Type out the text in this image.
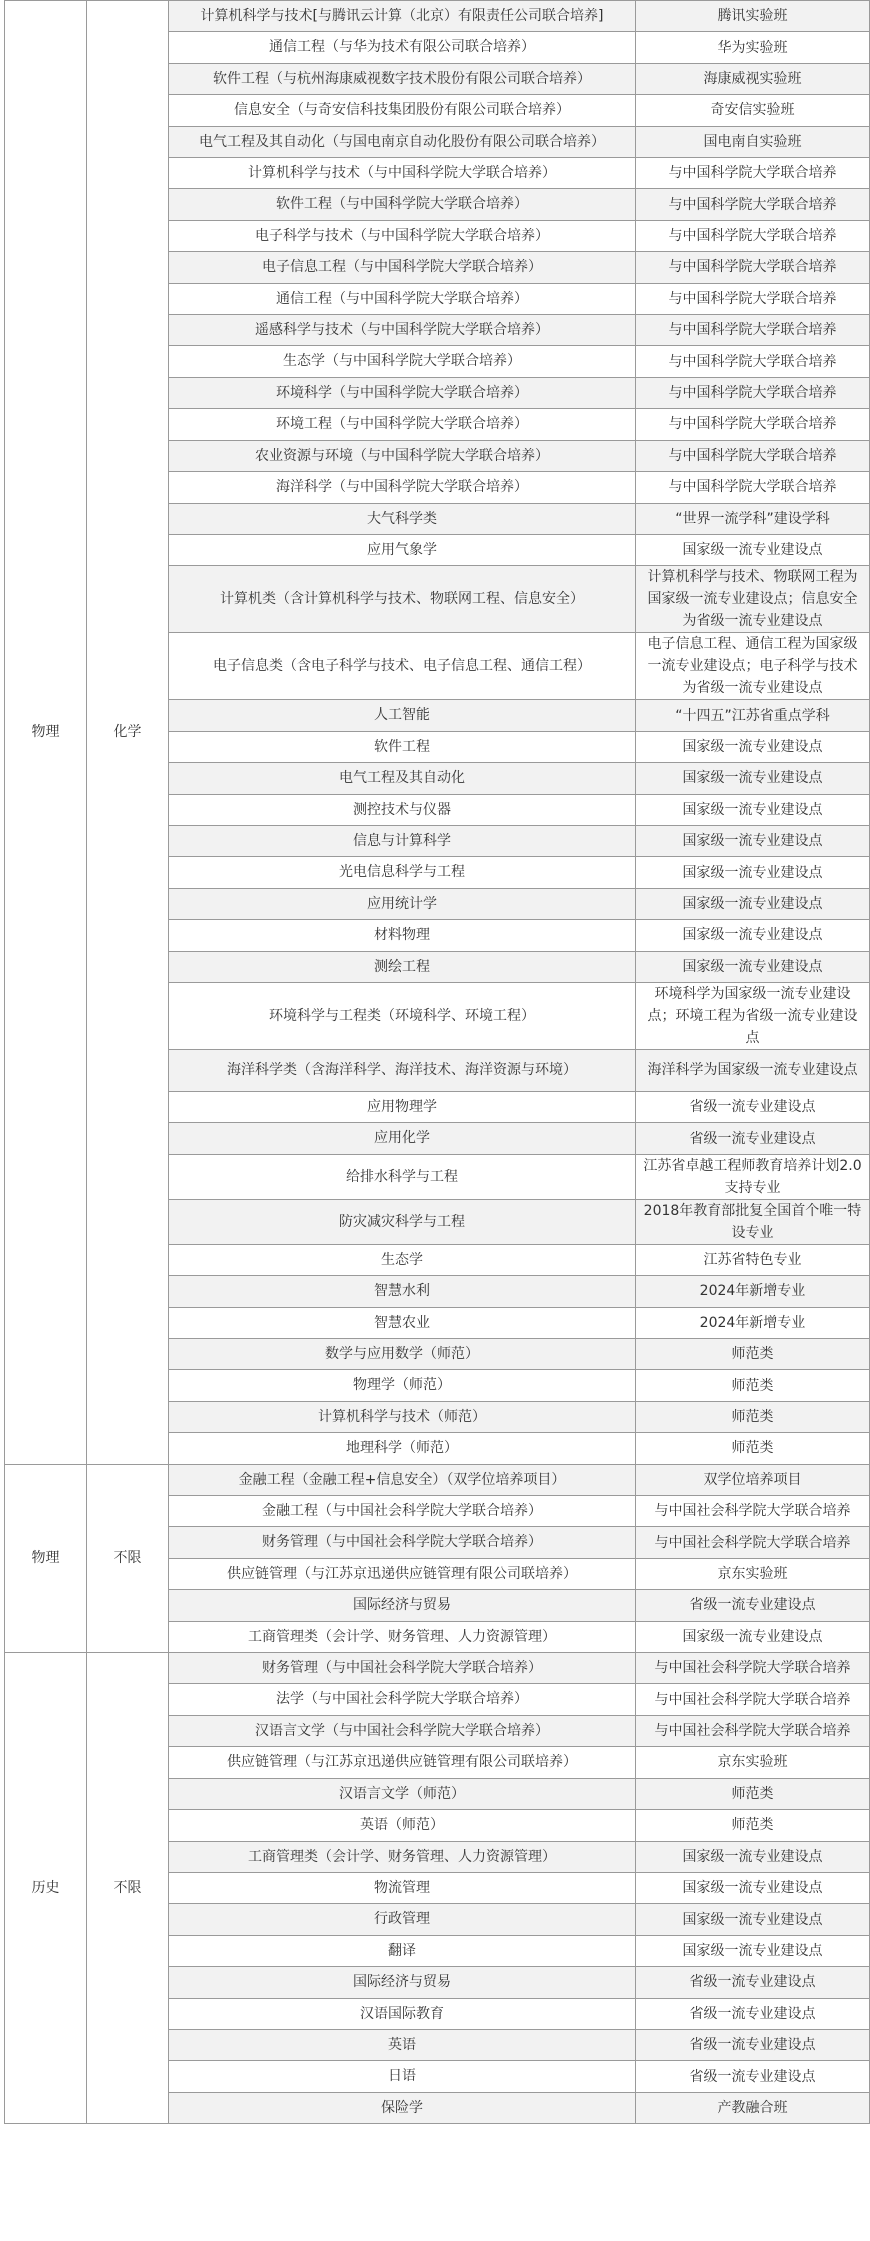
物理	化学	计算机科学与技术[与腾讯云计算（北京）有限责任公司联合培养]	腾讯实验班
		通信工程（与华为技术有限公司联合培养）	华为实验班
		软件工程（与杭州海康威视数字技术股份有限公司联合培养）	海康威视实验班
		信息安全（与奇安信科技集团股份有限公司联合培养）	奇安信实验班
		电气工程及其自动化（与国电南京自动化股份有限公司联合培养）	国电南自实验班
		计算机科学与技术（与中国科学院大学联合培养）	与中国科学院大学联合培养
		软件工程（与中国科学院大学联合培养）	与中国科学院大学联合培养
		电子科学与技术（与中国科学院大学联合培养）	与中国科学院大学联合培养
		电子信息工程（与中国科学院大学联合培养）	与中国科学院大学联合培养
		通信工程（与中国科学院大学联合培养）	与中国科学院大学联合培养
		遥感科学与技术（与中国科学院大学联合培养）	与中国科学院大学联合培养
		生态学（与中国科学院大学联合培养）	与中国科学院大学联合培养
		环境科学（与中国科学院大学联合培养）	与中国科学院大学联合培养
		环境工程（与中国科学院大学联合培养）	与中国科学院大学联合培养
		农业资源与环境（与中国科学院大学联合培养）	与中国科学院大学联合培养
		海洋科学（与中国科学院大学联合培养）	与中国科学院大学联合培养
		大气科学类	“世界一流学科”建设学科
		应用气象学	国家级一流专业建设点
		计算机类（含计算机科学与技术、物联网工程、信息安全）	计算机科学与技术、物联网工程为国家级一流专业建设点；信息安全为省级一流专业建设点
		电子信息类（含电子科学与技术、电子信息工程、通信工程）	电子信息工程、通信工程为国家级一流专业建设点；电子科学与技术为省级一流专业建设点
		人工智能	“十四五”江苏省重点学科
		软件工程	国家级一流专业建设点
		电气工程及其自动化	国家级一流专业建设点
		测控技术与仪器	国家级一流专业建设点
		信息与计算科学	国家级一流专业建设点
		光电信息科学与工程	国家级一流专业建设点
		应用统计学	国家级一流专业建设点
		材料物理	国家级一流专业建设点
		测绘工程	国家级一流专业建设点
		环境科学与工程类（环境科学、环境工程）	环境科学为国家级一流专业建设点；环境工程为省级一流专业建设点
		海洋科学类（含海洋科学、海洋技术、海洋资源与环境）	海洋科学为国家级一流专业建设点
		应用物理学	省级一流专业建设点
		应用化学	省级一流专业建设点
		给排水科学与工程	江苏省卓越工程师教育培养计划2.0支持专业
		防灾减灾科学与工程	2018年教育部批复全国首个唯一特设专业
		生态学	江苏省特色专业
		智慧水利	2024年新增专业
		智慧农业	2024年新增专业
		数学与应用数学（师范）	师范类
		物理学（师范）	师范类
		计算机科学与技术（师范）	师范类
		地理科学（师范）	师范类
物理	不限	金融工程（金融工程+信息安全）（双学位培养项目）	双学位培养项目
		金融工程（与中国社会科学院大学联合培养）	与中国社会科学院大学联合培养
		财务管理（与中国社会科学院大学联合培养）	与中国社会科学院大学联合培养
		供应链管理（与江苏京迅递供应链管理有限公司联培养）	京东实验班
		国际经济与贸易	省级一流专业建设点
		工商管理类（会计学、财务管理、人力资源管理）	国家级一流专业建设点
历史	不限	财务管理（与中国社会科学院大学联合培养）	与中国社会科学院大学联合培养
		法学（与中国社会科学院大学联合培养）	与中国社会科学院大学联合培养
		汉语言文学（与中国社会科学院大学联合培养）	与中国社会科学院大学联合培养
		供应链管理（与江苏京迅递供应链管理有限公司联培养）	京东实验班
		汉语言文学（师范）	师范类
		英语（师范）	师范类
		工商管理类（会计学、财务管理、人力资源管理）	国家级一流专业建设点
		物流管理	国家级一流专业建设点
		行政管理	国家级一流专业建设点
		翻译	国家级一流专业建设点
		国际经济与贸易	省级一流专业建设点
		汉语国际教育	省级一流专业建设点
		英语	省级一流专业建设点
		日语	省级一流专业建设点
		保险学	产教融合班
